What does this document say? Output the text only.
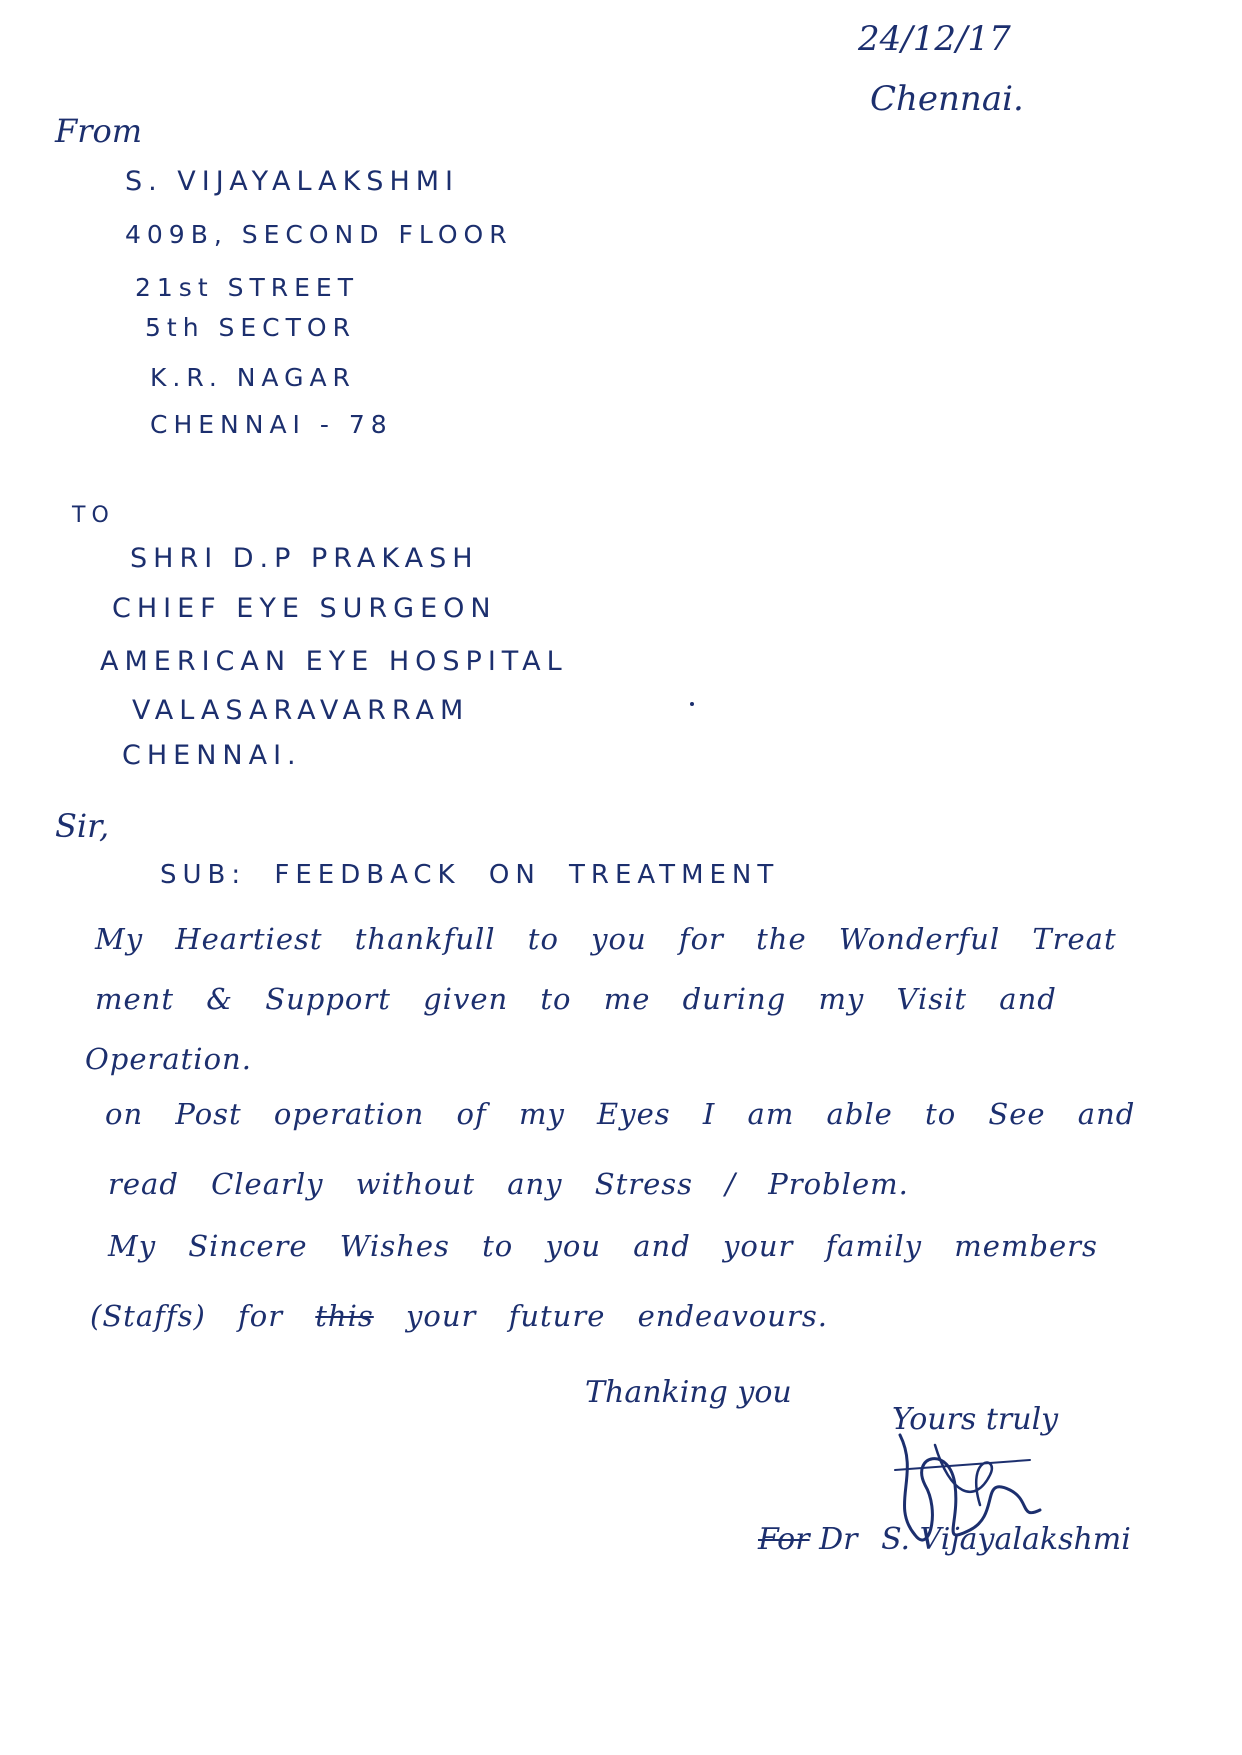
24/12/17
Chennai.
From
S. VIJAYALAKSHMI
409B, SECOND FLOOR
21st STREET
5th SECTOR
K.R. NAGAR
CHENNAI - 78
TO
SHRI D.P PRAKASH
CHIEF EYE SURGEON
AMERICAN EYE HOSPITAL
VALASARAVARRAM
CHENNAI.
Sir,
SUB: FEEDBACK ON TREATMENT
My Heartiest thankfull to you for the Wonderful Treat
ment & Support given to me during my Visit and
Operation.
on Post operation of my Eyes I am able to See and
read Clearly without any Stress / Problem.
My Sincere Wishes to you and your family members
(Staffs) for this your future endeavours.
Thanking you
Yours truly
For Dr S. Vijayalakshmi
